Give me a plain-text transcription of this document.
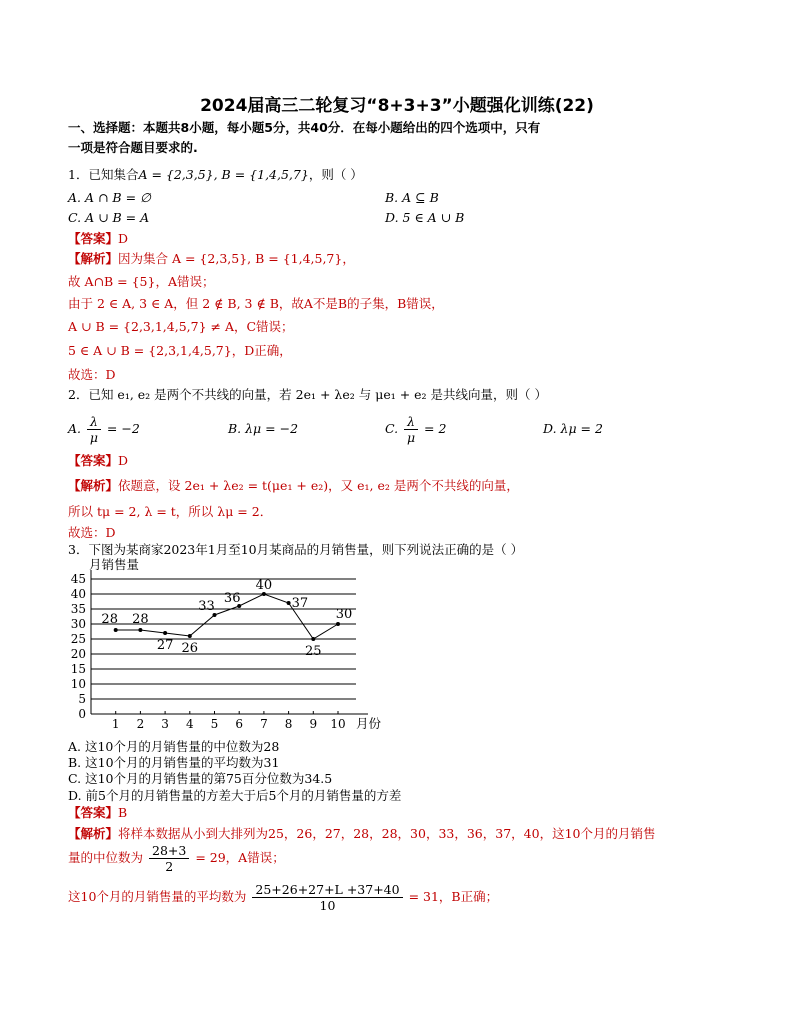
2024届高三二轮复习“8+3+3”小题强化训练(22)
一、选择题：本题共8小题，每小题5分，共40分．在每小题给出的四个选项中，只有
一项是符合题目要求的.
1．已知集合A = {2,3,5}, B = {1,4,5,7}，则（ ）
A. A ∩ B = ∅	B. A ⊆ B
C. A ∪ B = A	D. 5 ∈ A ∪ B
【答案】D
【解析】因为集合 A = {2,3,5}, B = {1,4,5,7}，
故 A∩B = {5}，A错误；
由于 2 ∈ A, 3 ∈ A，但 2 ∉ B, 3 ∉ B，故A不是B的子集，B错误，
A ∪ B = {2,3,1,4,5,7} ≠ A，C错误；
5 ∈ A ∪ B = {2,3,1,4,5,7}，D正确，
故选：D
2．已知 e₁, e₂ 是两个不共线的向量，若 2e₁ + λe₂ 与 μe₁ + e₂ 是共线向量，则（ ）
A. $\frac{\lambda}{\mu} = -2$	B. λμ = −2	C. $\frac{\lambda}{\mu} = 2$	D. λμ = 2
【答案】D
【解析】依题意，设 2e₁ + λe₂ = t(μe₁ + e₂)，又 e₁, e₂ 是两个不共线的向量，
所以 tμ = 2, λ = t，所以 λμ = 2．
故选：D
3．下图为某商家2023年1月至10月某商品的月销售量，则下列说法正确的是（ ）
0
5
10
15
20
25
30
35
40
45
月销售量
月份
1 2 3 4 5 6 7 8 9 10
28 28
27 26
33
36
40
37
25
30
A. 这10个月的月销售量的中位数为28
B. 这10个月的月销售量的平均数为31
C. 这10个月的月销售量的第75百分位数为34.5
D. 前5个月的月销售量的方差大于后5个月的月销售量的方差
【答案】B
【解析】将样本数据从小到大排列为25，26，27，28，28，30，33，36，37，40，这10个月的月销售
量的中位数为 $\frac{28+3}{2} = 29$，A错误；
这10个月的月销售量的平均数为 $\frac{25+26+27+L +37+40}{10} = 31$，B正确；
